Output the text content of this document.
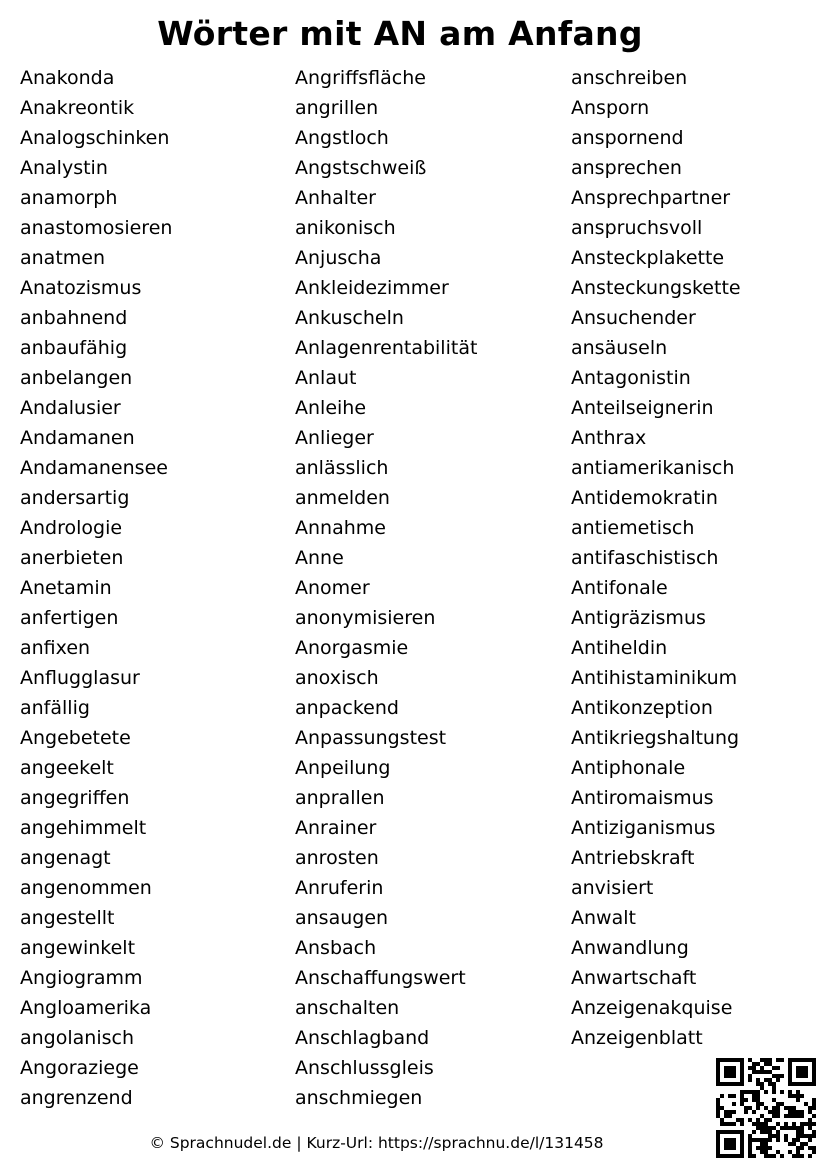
Wörter mit AN am Anfang
Anakonda
Anakreontik
Analogschinken
Analystin
anamorph
anastomosieren
anatmen
Anatozismus
anbahnend
anbaufähig
anbelangen
Andalusier
Andamanen
Andamanensee
andersartig
Andrologie
anerbieten
Anetamin
anfertigen
anfixen
Anflugglasur
anfällig
Angebetete
angeekelt
angegriffen
angehimmelt
angenagt
angenommen
angestellt
angewinkelt
Angiogramm
Angloamerika
angolanisch
Angoraziege
angrenzend
Angriffsfläche
angrillen
Angstloch
Angstschweiß
Anhalter
anikonisch
Anjuscha
Ankleidezimmer
Ankuscheln
Anlagenrentabilität
Anlaut
Anleihe
Anlieger
anlässlich
anmelden
Annahme
Anne
Anomer
anonymisieren
Anorgasmie
anoxisch
anpackend
Anpassungstest
Anpeilung
anprallen
Anrainer
anrosten
Anruferin
ansaugen
Ansbach
Anschaffungswert
anschalten
Anschlagband
Anschlussgleis
anschmiegen
anschreiben
Ansporn
anspornend
ansprechen
Ansprechpartner
anspruchsvoll
Ansteckplakette
Ansteckungskette
Ansuchender
ansäuseln
Antagonistin
Anteilseignerin
Anthrax
antiamerikanisch
Antidemokratin
antiemetisch
antifaschistisch
Antifonale
Antigräzismus
Antiheldin
Antihistaminikum
Antikonzeption
Antikriegshaltung
Antiphonale
Antiromaismus
Antiziganismus
Antriebskraft
anvisiert
Anwalt
Anwandlung
Anwartschaft
Anzeigenakquise
Anzeigenblatt
© Sprachnudel.de | Kurz-Url: https://sprachnu.de/l/131458
